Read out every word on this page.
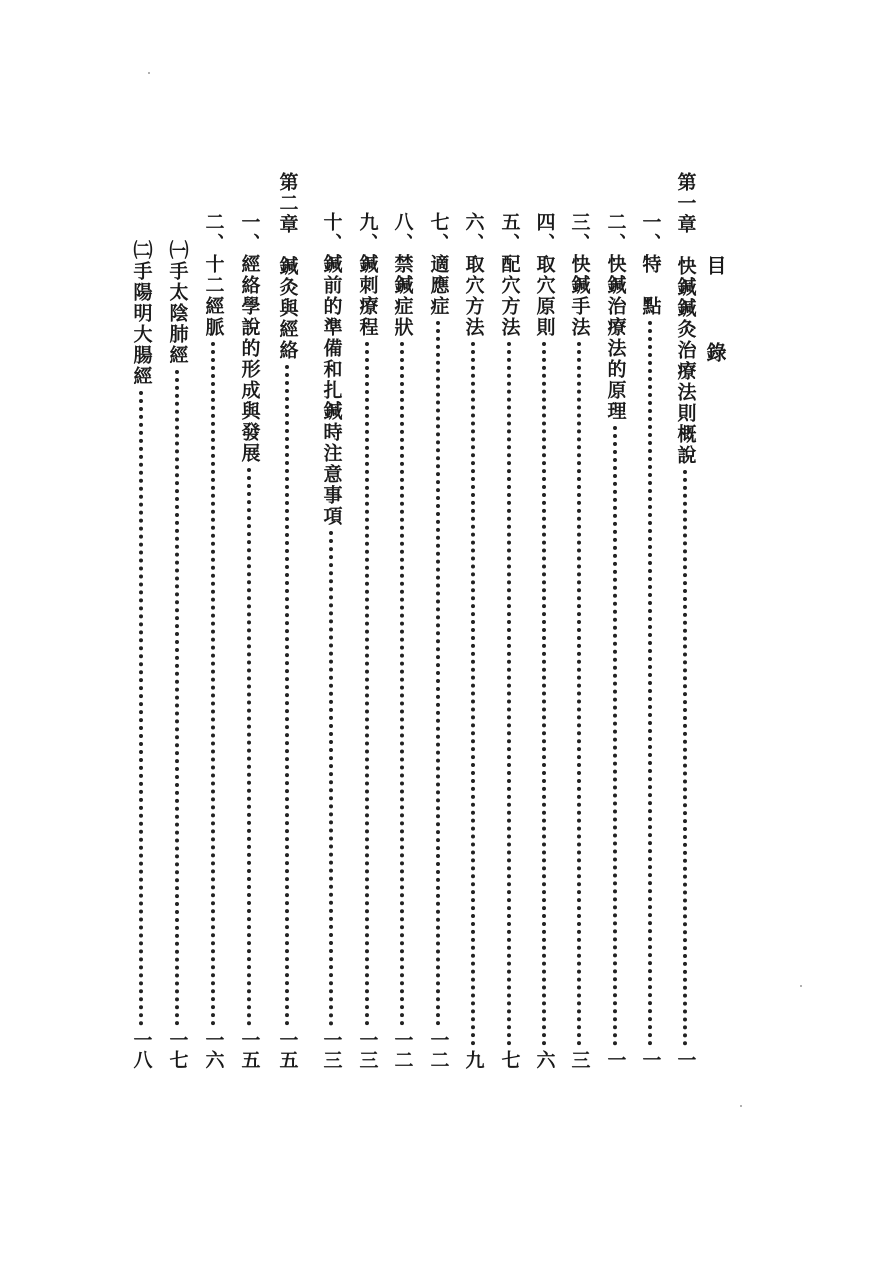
目 錄
第一章　快鍼鍼灸治療法則概說
一
一、特　點
一
二、快鍼治療法的原理
一
三、快鍼手法
三
四、取穴原則
六
五、配穴方法
七
六、取穴方法
九
七、適應症
一二
八、禁鍼症狀
一二
九、鍼刺療程
一三
十、鍼前的準備和扎鍼時注意事項
一三
第二章　鍼灸與經絡
一五
一、經絡學說的形成與發展
一五
二、十二經脈
一六
㈠手太陰肺經
一七
㈡手陽明大腸經
一八
